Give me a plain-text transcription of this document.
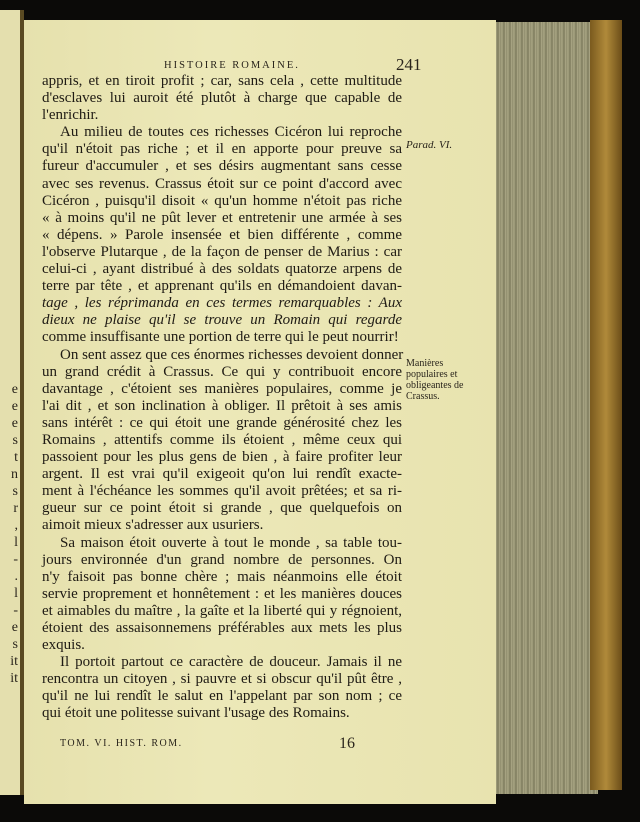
e
e
e
s
t
n
s
r
,
l
-
.
l
-
e
s
it
it
HISTOIRE ROMAINE.	241
appris, et en tiroit profit ; car, sans cela , cette multitude
d'esclaves lui auroit été plutôt à charge que capable de
l'enrichir.
Au milieu de toutes ces richesses Cicéron lui reproche
qu'il n'étoit pas riche ; et il en apporte pour preuve sa
fureur d'accumuler , et ses désirs augmentant sans cesse
avec ses revenus. Crassus étoit sur ce point d'accord avec
Cicéron , puisqu'il disoit « qu'un homme n'étoit pas riche
« à moins qu'il ne pût lever et entretenir une armée à ses
« dépens. » Parole insensée et bien différente , comme
l'observe Plutarque , de la façon de penser de Marius : car
celui-ci , ayant distribué à des soldats quatorze arpens de
terre par tête , et apprenant qu'ils en démandoient davan-
tage , les réprimanda en ces termes remarquables : Aux
dieux ne plaise qu'il se trouve un Romain qui regarde
comme insuffisante une portion de terre qui le peut nourrir!
On sent assez que ces énormes richesses devoient donner
un grand crédit à Crassus. Ce qui y contribuoit encore
davantage , c'étoient ses manières populaires, comme je
l'ai dit , et son inclination à obliger. Il prêtoit à ses amis
sans intérêt : ce qui étoit une grande générosité chez les
Romains , attentifs comme ils étoient , même ceux qui
passoient pour les plus gens de bien , à faire profiter leur
argent. Il est vrai qu'il exigeoit qu'on lui rendît exacte-
ment à l'échéance les sommes qu'il avoit prêtées; et sa ri-
gueur sur ce point étoit si grande , que quelquefois on
aimoit mieux s'adresser aux usuriers.
Sa maison étoit ouverte à tout le monde , sa table tou-
jours environnée d'un grand nombre de personnes. On
n'y faisoit pas bonne chère ; mais néanmoins elle étoit
servie proprement et honnêtement : et les manières douces
et aimables du maître , la gaîte et la liberté qui y régnoient,
étoient des assaisonnemens préférables aux mets les plus
exquis.
Il portoit partout ce caractère de douceur. Jamais il ne
rencontra un citoyen , si pauvre et si obscur qu'il pût être ,
qu'il ne lui rendît le salut en l'appelant par son nom ; ce
qui étoit une politesse suivant l'usage des Romains.
Parad. VI.
Manières populaires et obligeantes de Crassus.
TOM. VI. HIST. ROM.	16
